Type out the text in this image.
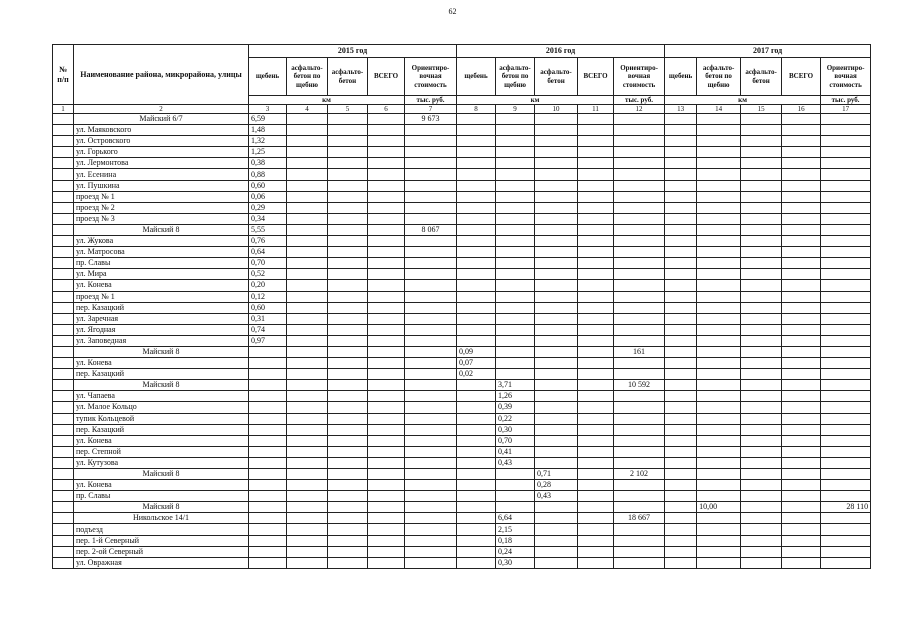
62
№ п/п	Наименование района, микрорайона, улицы	2015 год					2016 год					2017 год				
		щебень	асфальто-бетон по щебню	асфальто-бетон	ВСЕГО	Ориентиро-вочная стоимость	щебень	асфальто-бетон по щебню	асфальто-бетон	ВСЕГО	Ориентиро-вочная стоимость	щебень	асфальто-бетон по щебню	асфальто-бетон	ВСЕГО	Ориентиро-вочная стоимость
		км				тыс. руб.	км				тыс. руб.	км				тыс. руб.
1	2	3	4	5	6	7	8	9	10	11	12	13	14	15	16	17
	Майский 6/7	6,59				9 673										
	ул. Маяковского	1,48														
	ул. Островского	1,32														
	ул. Горького	1,25														
	ул. Лермонтова	0,38														
	ул. Есенина	0,88														
	ул. Пушкина	0,60														
	проезд № 1	0,06														
	проезд № 2	0,29														
	проезд № 3	0,34														
	Майский 8	5,55				8 067										
	ул. Жукова	0,76														
	ул. Матросова	0,64														
	пр. Славы	0,70														
	ул. Мира	0,52														
	ул. Конева	0,20														
	проезд № 1	0,12														
	пер. Казацкий	0,60														
	ул. Заречная	0,31														
	ул. Ягодная	0,74														
	ул. Заповедная	0,97														
	Майский 8						0,09				161					
	ул. Конева						0,07									
	пер. Казацкий						0,02									
	Майский 8							3,71			10 592					
	ул. Чапаева							1,26								
	ул. Малое Кольцо							0,39								
	тупик Кольцевой							0,22								
	пер. Казацкий							0,30								
	ул. Конева							0,70								
	пер. Степной							0,41								
	ул. Кутузова							0,43								
	Майский 8								0,71		2 102					
	ул. Конева								0,28							
	пр. Славы								0,43							
	Майский 8												10,00			28 110
	Никольское 14/1							6,64			18 667					
	подъезд							2,15								
	пер. 1-й Северный							0,18								
	пер. 2-ой Северный							0,24								
	ул. Овражная							0,30								
